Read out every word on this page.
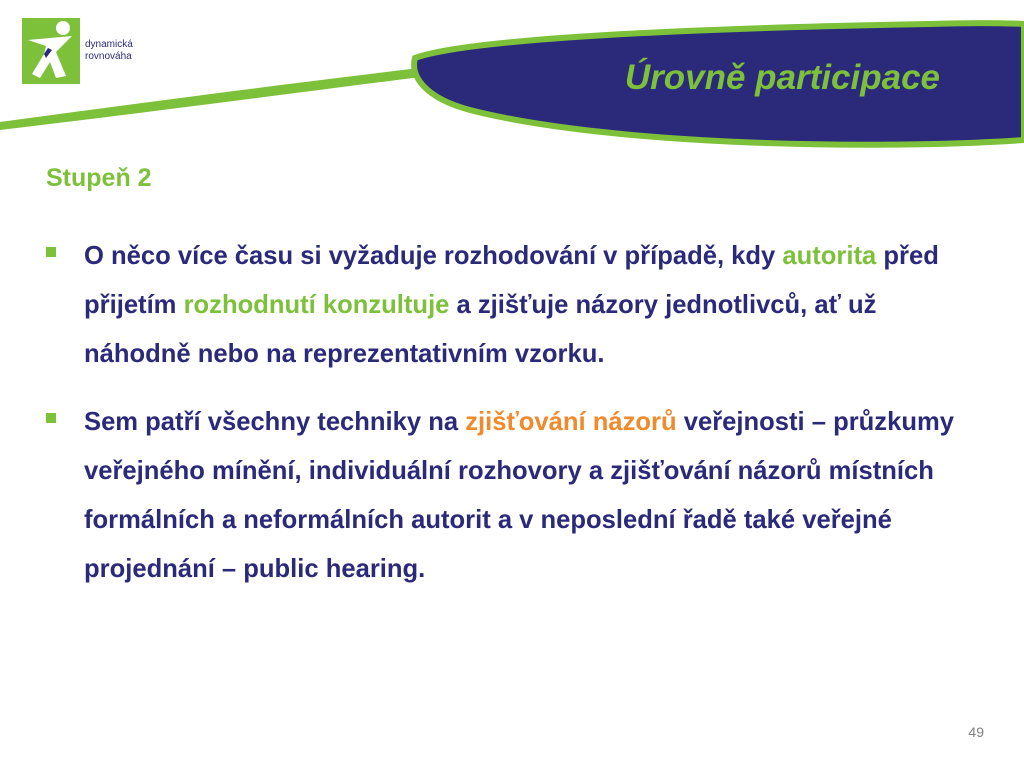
dynamická
rovnováha
Úrovně participace
Stupeň 2
O něco více času si vyžaduje rozhodování v případě, kdy autorita před přijetím rozhodnutí konzultuje a zjišťuje názory jednotlivců, ať už náhodně nebo na reprezentativním vzorku.
Sem patří všechny techniky na zjišťování názorů veřejnosti – průzkumy veřejného mínění, individuální rozhovory a zjišťování názorů místních formálních a neformálních autorit a v neposlední řadě také veřejné projednání – public hearing.
49
